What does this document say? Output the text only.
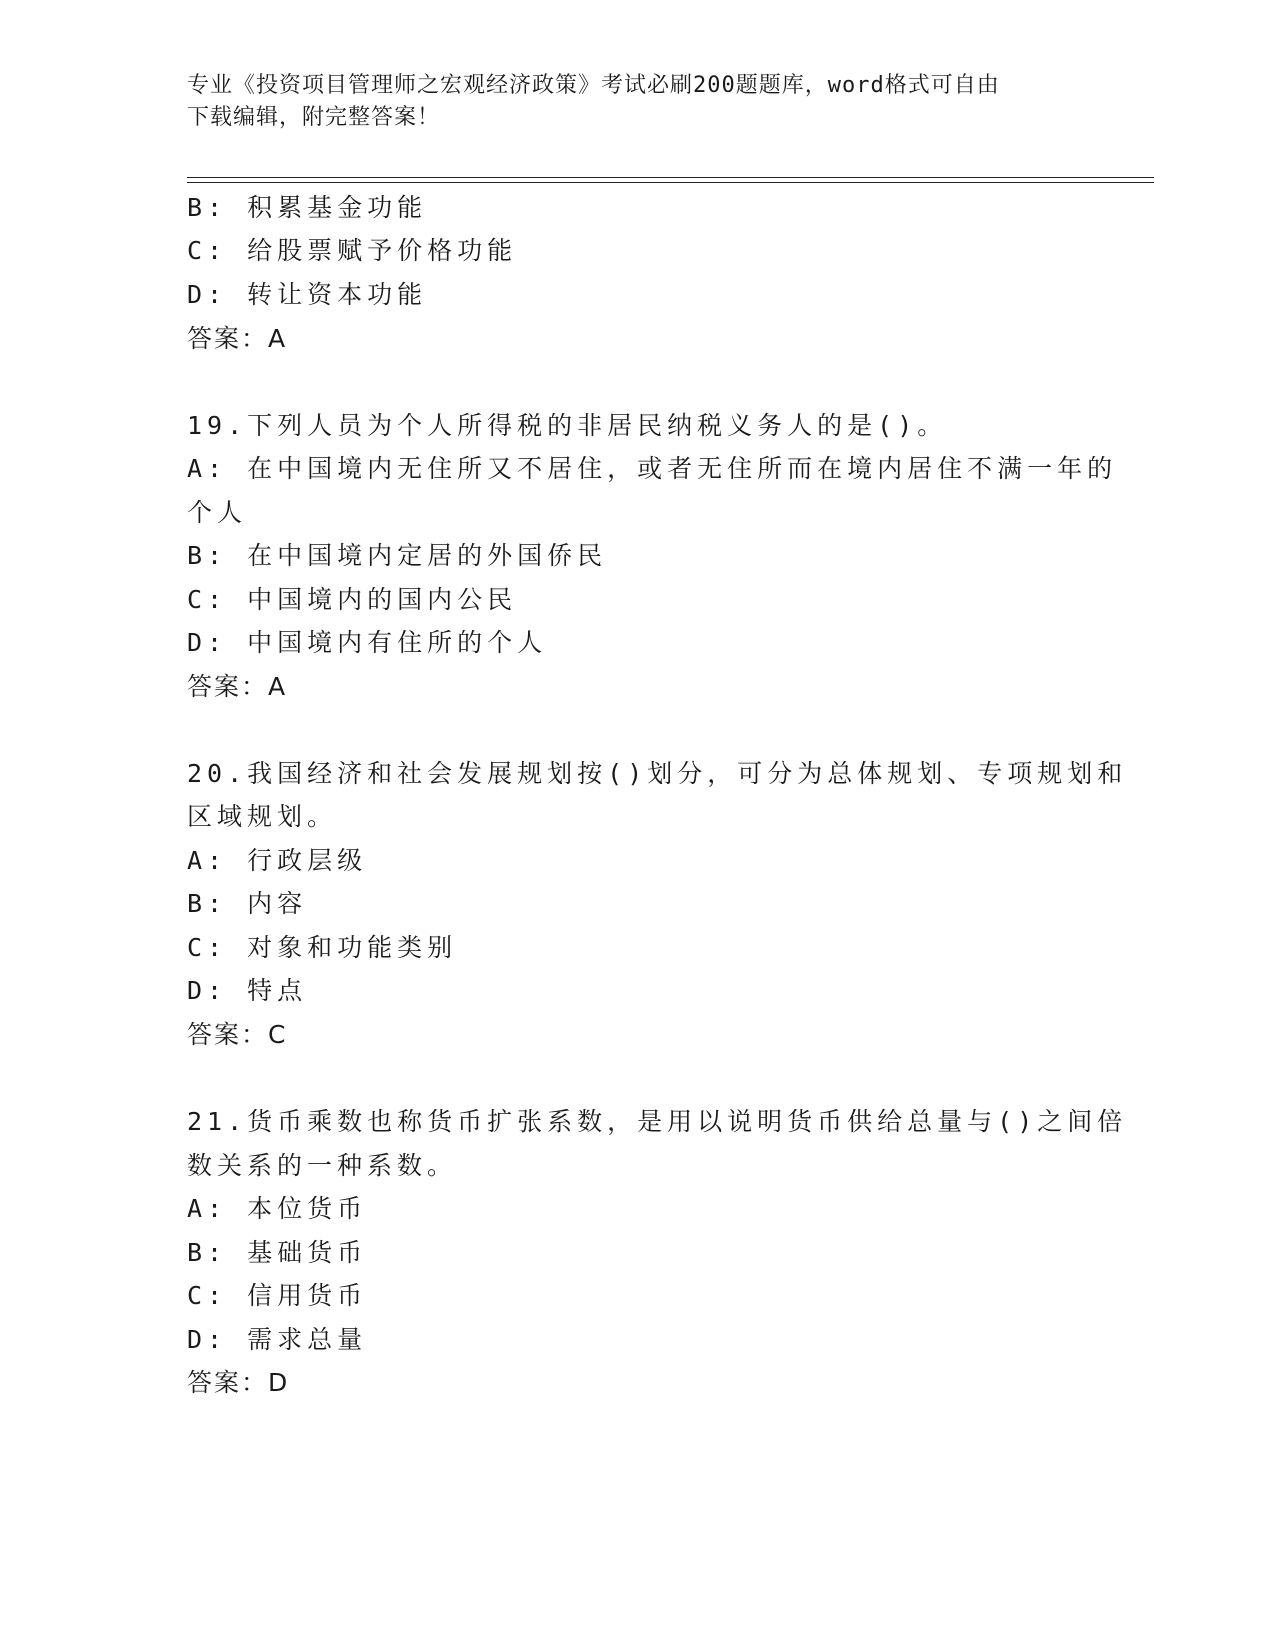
专业《投资项目管理师之宏观经济政策》考试必刷200题题库，word格式可自由
下载编辑，附完整答案！
B: 积累基金功能
C: 给股票赋予价格功能
D: 转让资本功能
答案：A
19.下列人员为个人所得税的非居民纳税义务人的是()。
A: 在中国境内无住所又不居住，或者无住所而在境内居住不满一年的
个人
B: 在中国境内定居的外国侨民
C: 中国境内的国内公民
D: 中国境内有住所的个人
答案：A
20.我国经济和社会发展规划按()划分，可分为总体规划、专项规划和
区域规划。
A: 行政层级
B: 内容
C: 对象和功能类别
D: 特点
答案：C
21.货币乘数也称货币扩张系数，是用以说明货币供给总量与()之间倍
数关系的一种系数。
A: 本位货币
B: 基础货币
C: 信用货币
D: 需求总量
答案：D
